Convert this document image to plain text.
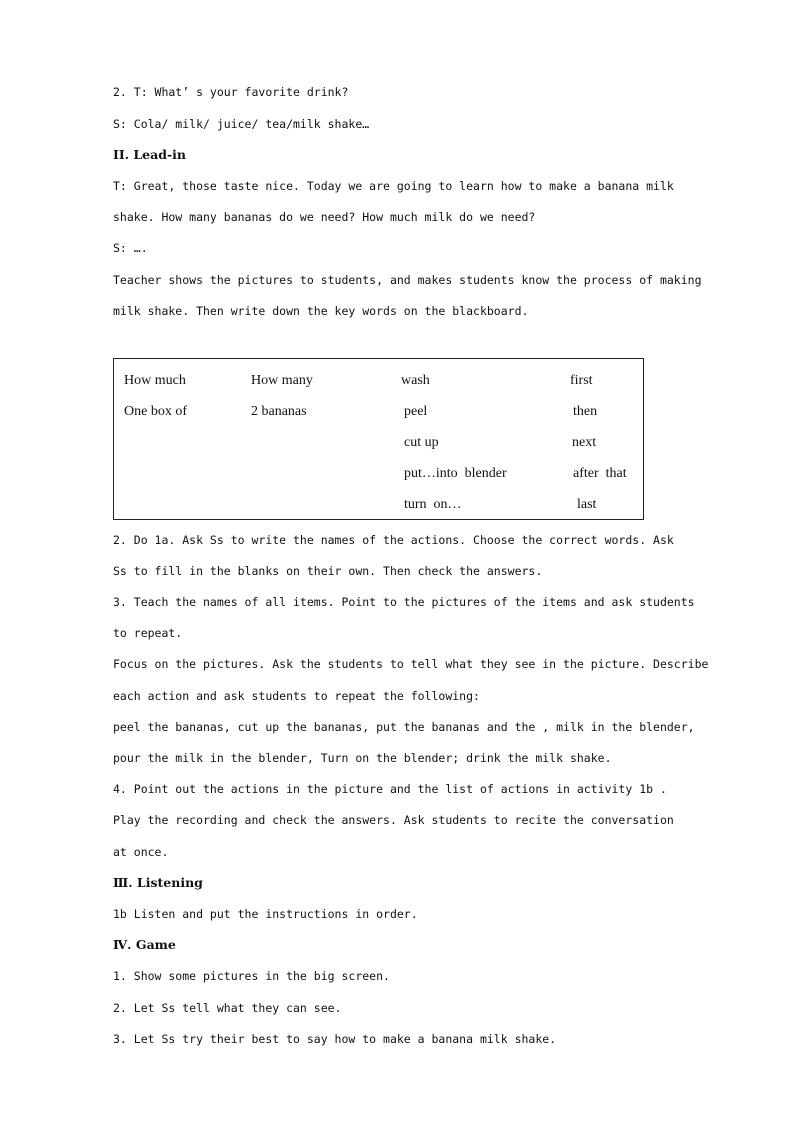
2. T: What’ s your favorite drink?
S: Cola/ milk/ juice/ tea/milk shake…
II. Lead-in
T: Great, those taste nice. Today we are going to learn how to make a banana milk
shake. How many bananas do we need? How much milk do we need?
S: ….
Teacher shows the pictures to students, and makes students know the process of making
milk shake. Then write down the key words on the blackboard.
How much
One box of
How many
2 bananas
wash
peel
cut up
put…into  blender
turn  on…
first
then
next
after  that
last
2. Do 1a. Ask Ss to write the names of the actions. Choose the correct words. Ask
Ss to fill in the blanks on their own. Then check the answers.
3. Teach the names of all items. Point to the pictures of the items and ask students
to repeat.
Focus on the pictures. Ask the students to tell what they see in the picture. Describe
each action and ask students to repeat the following:
peel the bananas, cut up the bananas, put the bananas and the , milk in the blender,
pour the milk in the blender, Turn on the blender; drink the milk shake.
4. Point out the actions in the picture and the list of actions in activity 1b .
Play the recording and check the answers. Ask students to recite the conversation
at once.
Ⅲ. Listening
1b Listen and put the instructions in order.
Ⅳ. Game
1. Show some pictures in the big screen.
2. Let Ss tell what they can see.
3. Let Ss try their best to say how to make a banana milk shake.
